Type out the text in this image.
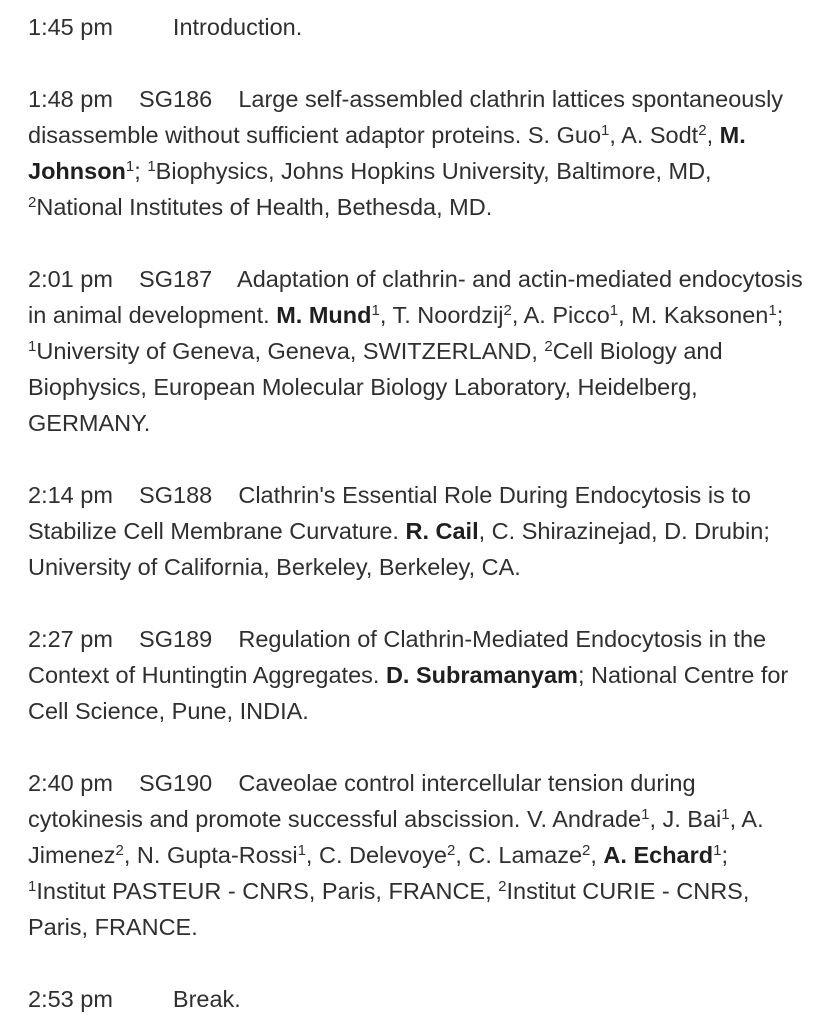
1:45 pm	Introduction.

1:48 pm SG186 Large self-assembled clathrin lattices spontaneously disassemble without sufficient adaptor proteins. S. Guo$^1$, A. Sodt$^2$, M. Johnson$^1$; $^1$Biophysics, Johns Hopkins University, Baltimore, MD, $^2$National Institutes of Health, Bethesda, MD.

2:01 pm SG187 Adaptation of clathrin- and actin-mediated endocytosis in animal development. M. Mund$^1$, T. Noordzij$^2$, A. Picco$^1$, M. Kaksonen$^1$; $^1$University of Geneva, Geneva, SWITZERLAND, $^2$Cell Biology and Biophysics, European Molecular Biology Laboratory, Heidelberg, GERMANY.

2:14 pm SG188 Clathrin's Essential Role During Endocytosis is to Stabilize Cell Membrane Curvature. R. Cail, C. Shirazinejad, D. Drubin; University of California, Berkeley, Berkeley, CA.

2:27 pm SG189 Regulation of Clathrin-Mediated Endocytosis in the Context of Huntingtin Aggregates. D. Subramanyam; National Centre for Cell Science, Pune, INDIA.

2:40 pm SG190 Caveolae control intercellular tension during cytokinesis and promote successful abscission. V. Andrade$^1$, J. Bai$^1$, A. Jimenez$^2$, N. Gupta-Rossi$^1$, C. Delevoye$^2$, C. Lamaze$^2$, A. Echard$^1$; $^1$Institut PASTEUR - CNRS, Paris, FRANCE, $^2$Institut CURIE - CNRS, Paris, FRANCE.

2:53 pm	Break.
